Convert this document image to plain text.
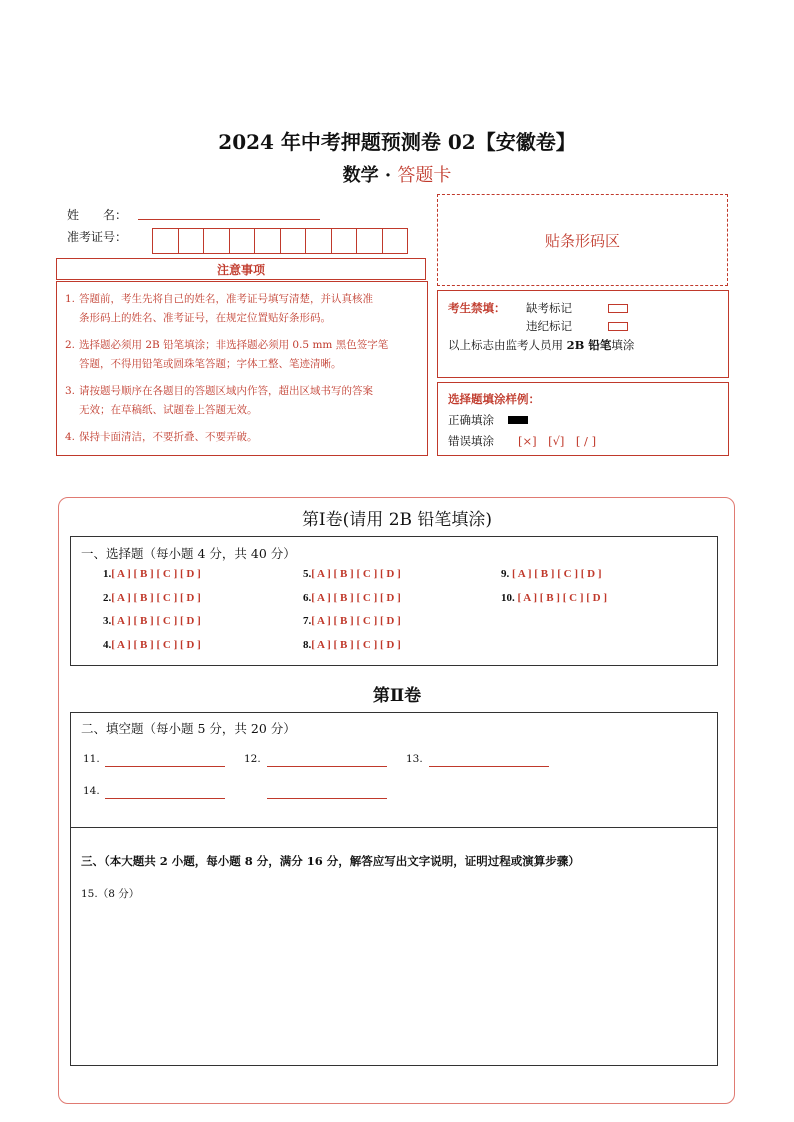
2024 年中考押题预测卷 02【安徽卷】
数学 · 答题卡
姓　　名：
准考证号：
注意事项
1. 答题前，考生先将自己的姓名，准考证号填写清楚，并认真核准
条形码上的姓名、准考证号，在规定位置贴好条形码。
2. 选择题必须用 2B 铅笔填涂；非选择题必须用 0.5 mm 黑色签字笔
答题，不得用铅笔或圆珠笔答题；字体工整、笔迹清晰。
3. 请按题号顺序在各题目的答题区域内作答，超出区域书写的答案
无效；在草稿纸、试题卷上答题无效。
4. 保持卡面清洁，不要折叠、不要弄破。
贴条形码区
考生禁填： 缺考标记
违纪标记
以上标志由监考人员用 2B 铅笔填涂
选择题填涂样例：
正确填涂
错误填涂 [×]　[√]　[ / ]
第Ⅰ卷(请用 2B 铅笔填涂)
一、选择题（每小题 4 分，共 40 分）
1.[ A ] [ B ] [ C ] [ D ]
2.[ A ] [ B ] [ C ] [ D ]
3.[ A ] [ B ] [ C ] [ D ]
4.[ A ] [ B ] [ C ] [ D ]
5.[ A ] [ B ] [ C ] [ D ]
6.[ A ] [ B ] [ C ] [ D ]
7.[ A ] [ B ] [ C ] [ D ]
8.[ A ] [ B ] [ C ] [ D ]
9. [ A ] [ B ] [ C ] [ D ]
10. [ A ] [ B ] [ C ] [ D ]
第Ⅱ卷
二、填空题（每小题 5 分，共 20 分）
11.	12.	13.
14.
三、（本大题共 2 小题，每小题 8 分，满分 16 分，解答应写出文字说明，证明过程或演算步骤）
15.（8 分）
